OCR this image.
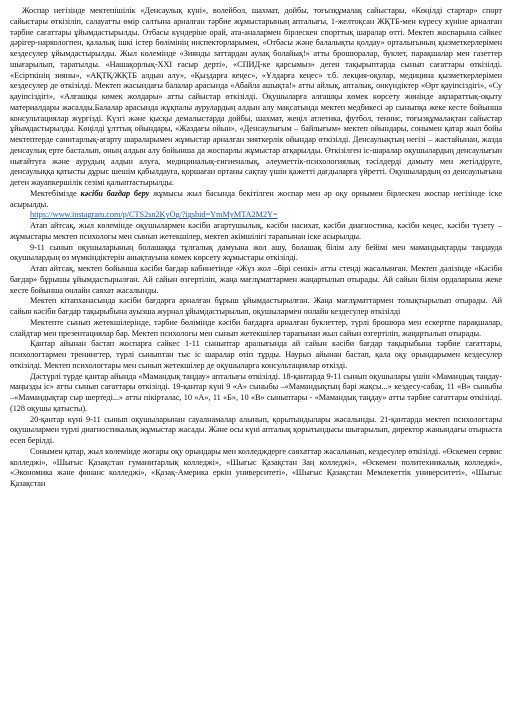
Жоспар негізінде мектепішілік «Денсаулық күні», волейбол, шахмат, дойбы, тоғызқұмалақ сайыстары, «Көңілді стартар» спорт сайыстары өткізіліп, салауатты өмір салтына арналған тәрбие жұмыстарының апталығы, 1-желтоқсан ЖҚТБ-мен күресу күніне арналған тәрбие сағаттары ұйымдастырылды. Отбасы күндеріне орай, ата-аналармен бірлескен спорттық шаралар өтті. Мектеп жоспарына сәйкес дәрігер-наркологпен, қалалық ішкі істер бөлімінің инспекторларымен, «Отбасы және балалықты қолдау» орталығының қызметкерлерімен кездесулер ұйымдастырылды. Жыл көлемінде «Зиянды заттардан аулақ болайық!» атты брошюралар, буклет, парақшалар мен газеттер шығарылып, таратылды. «Нашақорлық-ХХІ ғасыр дерті», «СПИД-ке қарсымыз» деген тақырыптарда сынып сағаттары өткізілді. «Есірткінің зияны», «АҚТҚ/ЖҚТБ алдын алу», «Қыздарға кеңес», «Ұлдарға кеңес» т.б. лекция-оқулар, медицина қызметкерлерімен кездесулер де өткізілді. Мектеп жасындағы балалар арасында «Абайла ашықта!» атты айлық, апталық, онкүндіктер «Өрт қауіпсіздігі», «Су қауіпсіздігі», «Алғашқы көмек жолдары» атты сайыстар өткізілді. Оқушыларға алғашқы көмек көрсету жөнінде ақпараттық-оқыту материалдары жасалды.Балалар арасында жұқпалы аурулардың алдын алу мақсатында мектеп медбикесі әр сыныпқа жеке кесте бойынша консультациялар жүргізді. Күзгі және қысқы демалыстарда дойбы, шахмат, жеңіл атлетика, футбол, теннис, тоғызқұмалақтан сайыстар ұйымдастырылды. Көңілді ұлттық ойындары, «Жаздағы ойын», «Денсаулығым – байлығым» мектеп ойындары, сонымен қатар жыл бойы мектептерде санитарлық-ағарту шараларымен жұмыстар арналған зияткерлік ойындар өткізілді. Денсаулықтың негізі – жастайынан, жазда денсаулық ерте басталып, оның алдын алу бойынша да жоспарлы жұмыстар атқарылды. Өткізілген іс-шаралар оқушылардың денсаулығын нығайтуға және аурудың алдын алуға, медициналық-гигиеналық, әлеуметтік-психологиялық тәсілдерді дамыту мен жетілдіруге, денсаулыққа қатысты дұрыс шешім қабылдауға, қоршаған ортаны сақтау үшін қажетті дағдыларға үйретті. Оқушылардың өз денсаулығына деген жауапкершілік сезімі қалыптастырылды.

Мектебімізде кәсіби бағдар беру жұмысы жыл басында бекітілген жоспар мен әр оқу орнымен бірлескен жоспар негізінде іске асырылды.

https://www.instagram.com/p/CTS2sn2KyOg/?igshid=YmMyMTA2M2Y=

Атап айтсақ, жыл көлемінде оқушылармен кәсіби ағартушылық, кәсіби насихат, кәсіби диагностика, кәсіби кеңес, кәсіби түзету – жұмыстары мектеп психологы мен сынып жетекшілер, мектеп әкімшілігі тарапынан іске асырылды.

9-11 сынып оқушыларының болашаққа тұлғалық дамуына жол ашу, болашақ білім алу бейімі мен мамандықтарды таңдауда оқушылардың өз мүмкіндіктерін анықтауына көмек көрсету жұмыстары өткізілді.

Атап айтсақ, мектеп бойынша кәсіби бағдар кабинетінде «Жүз жол –бірі сенікі» атты стенді жасалынған. Мектеп дәлізінде «Кәсіби бағдар» бұрышы ұйымдастырылған. Ай сайын өзгертіліп, жаңа мағлұматтармен жаңартылып отырады. Ай сайын білім ордаларына жеке кесте бойынша онлайн саяхат жасалынды.

Мектеп кітапханасында кәсіби бағдарға арналған бұрыш ұйымдастырылған. Жаңа мағлұматтармен толықтырылып отырады. Ай сайын кәсіби бағдар тақырыбына ауызша журнал ұйымдастырылып, оқушылармен онлайн кездесулер өткізілді

Мектепте сынып жетекшілерінде, тәрбие бөлімінде кәсіби бағдарға арналған буклеттер, түрлі брошюра мен ескертпе парақшалар, слайдтар мен презентациялар бар. Мектеп психологы мен сынып жетекшілер тарапынан жыл сайын өзгертіліп, жаңартылып отырады.

Қантар айынан бастап жоспарға сәйкес 1-11 сыныптар аралығында ай сайын кәсіби бағдар тақырыбына тәрбие сағаттары, психологтармен тренингтер, түрлі сыныптан тыс іс шаралар өтіп тұрды. Наурыз айынан бастап, қала оқу орындарымен кездесулер өткізілді. Мектеп психологтары мен сынып жетекшілер де оқушыларға консультациялар өткізді.

Дәстүрлі түрде қантар айында «Мамандық таңдау» апталығы өткізілді. 18-қантарда 9-11 сынып оқушылары үшін «Мамандық таңдау-маңызды іс» атты сынып сағаттары өткізілді. 19-қантар күні 9 «А» сыныбы –«Мамандықтың бәрі жақсы...» кездесу-сабақ, 11 «В» сыныбы –«Мамандықтар сыр шертеді...» атты пікірталас, 10 «А», 11 «Б», 10 «В» сыныптары - «Мамандық таңдау» атты тәрбие сағаттары өткізілді. (128 оқушы қатысты).

20-қантар күні 9-11 сынып оқушыларынан сауалнамалар алынып, қорытындылары жасалынды. 21-қантарда мектеп психологтары оқушылармен түрлі диагностикалық жұмыстар жасады. Және осы күні апталық қорытындысы шығарылып, директор жанындағы отырыста есеп берілді.

Сонымен қатар, жыл көлемінде жоғары оқу орындары мен колледждерге саяхаттар жасалынып, кездесулер өткізілді. «Өскемен сервис колледжі», «Шығыс Қазақстан гуманитарлық колледжі», «Шығыс Қазақстан Заң колледжі», «Өскемен политехникалық колледжі», «Экономика және финанс колледжі», «Қазақ-Америка еркін университеті», «Шығыс Қазақстан Мемлекеттік университеті», «Шығыс Қазақстан
